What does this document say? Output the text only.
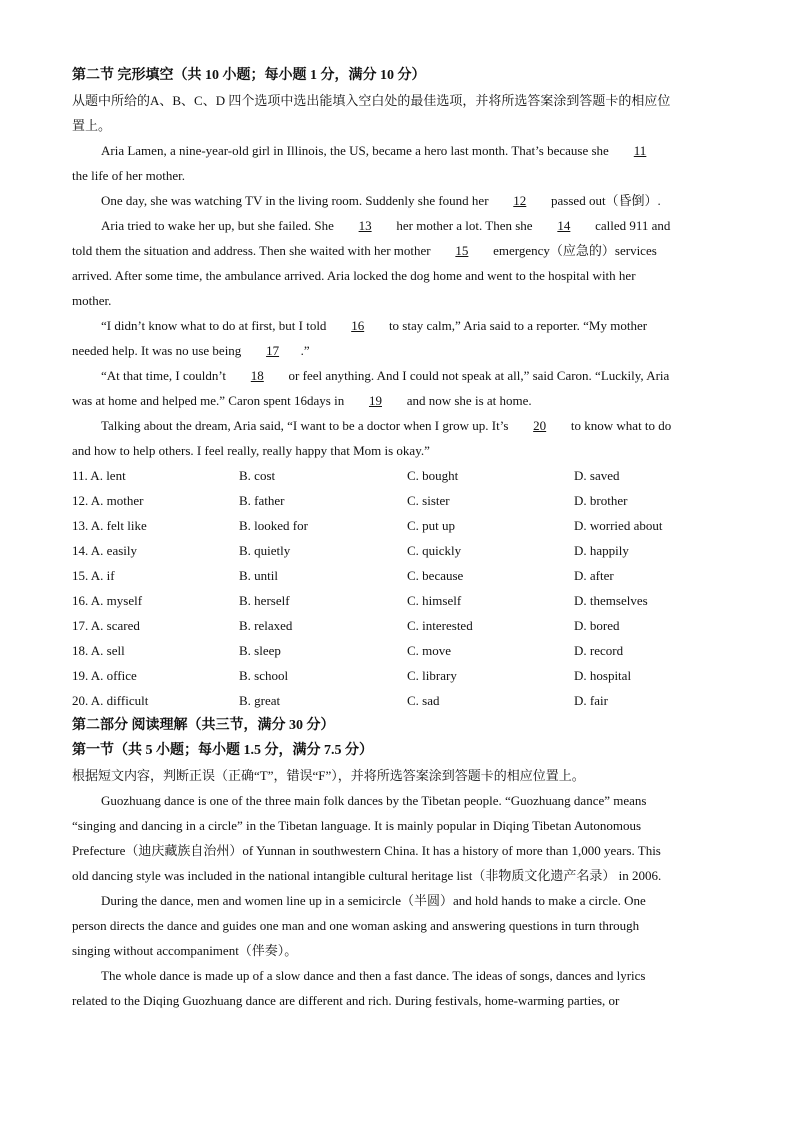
第二节 完形填空（共 10 小题；每小题 1 分，满分 10 分）
从题中所给的A、B、C、D 四个选项中选出能填入空白处的最佳选项，并将所选答案涂到答题卡的相应位
置上。
Aria Lamen, a nine-year-old girl in Illinois, the US, became a hero last month. That’s because she 11
the life of her mother.
One day, she was watching TV in the living room. Suddenly she found her 12 passed out（昏倒）.
Aria tried to wake her up, but she failed. She 13 her mother a lot. Then she 14 called 911 and
told them the situation and address. Then she waited with her mother 15 emergency（应急的）services
arrived. After some time, the ambulance arrived. Aria locked the dog home and went to the hospital with her
mother.
“I didn’t know what to do at first, but I told 16 to stay calm,” Aria said to a reporter. “My mother
needed help. It was no use being 17 .”
“At that time, I couldn’t 18 or feel anything. And I could not speak at all,” said Caron. “Luckily, Aria
was at home and helped me.” Caron spent 16days in 19 and now she is at home.
Talking about the dream, Aria said, “I want to be a doctor when I grow up. It’s 20 to know what to do
and how to help others. I feel really, really happy that Mom is okay.”
11. A. lent	B. cost	C. bought	D. saved
12. A. mother	B. father	C. sister	D. brother
13. A. felt like	B. looked for	C. put up	D. worried about
14. A. easily	B. quietly	C. quickly	D. happily
15. A. if	B. until	C. because	D. after
16. A. myself	B. herself	C. himself	D. themselves
17. A. scared	B. relaxed	C. interested	D. bored
18. A. sell	B. sleep	C. move	D. record
19. A. office	B. school	C. library	D. hospital
20. A. difficult	B. great	C. sad	D. fair
第二部分 阅读理解（共三节，满分 30 分）
第一节（共 5 小题；每小题 1.5 分，满分 7.5 分）
根据短文内容，判断正误（正确“T”，错误“F”），并将所选答案涂到答题卡的相应位置上。
Guozhuang dance is one of the three main folk dances by the Tibetan people. “Guozhuang dance” means
“singing and dancing in a circle” in the Tibetan language. It is mainly popular in Diqing Tibetan Autonomous
Prefecture（迪庆藏族自治州）of Yunnan in southwestern China. It has a history of more than 1,000 years. This
old dancing style was included in the national intangible cultural heritage list（非物质文化遗产名录） in 2006.
During the dance, men and women line up in a semicircle（半圆）and hold hands to make a circle. One
person directs the dance and guides one man and one woman asking and answering questions in turn through
singing without accompaniment（伴奏）。
The whole dance is made up of a slow dance and then a fast dance. The ideas of songs, dances and lyrics
related to the Diqing Guozhuang dance are different and rich. During festivals, home-warming parties, or
